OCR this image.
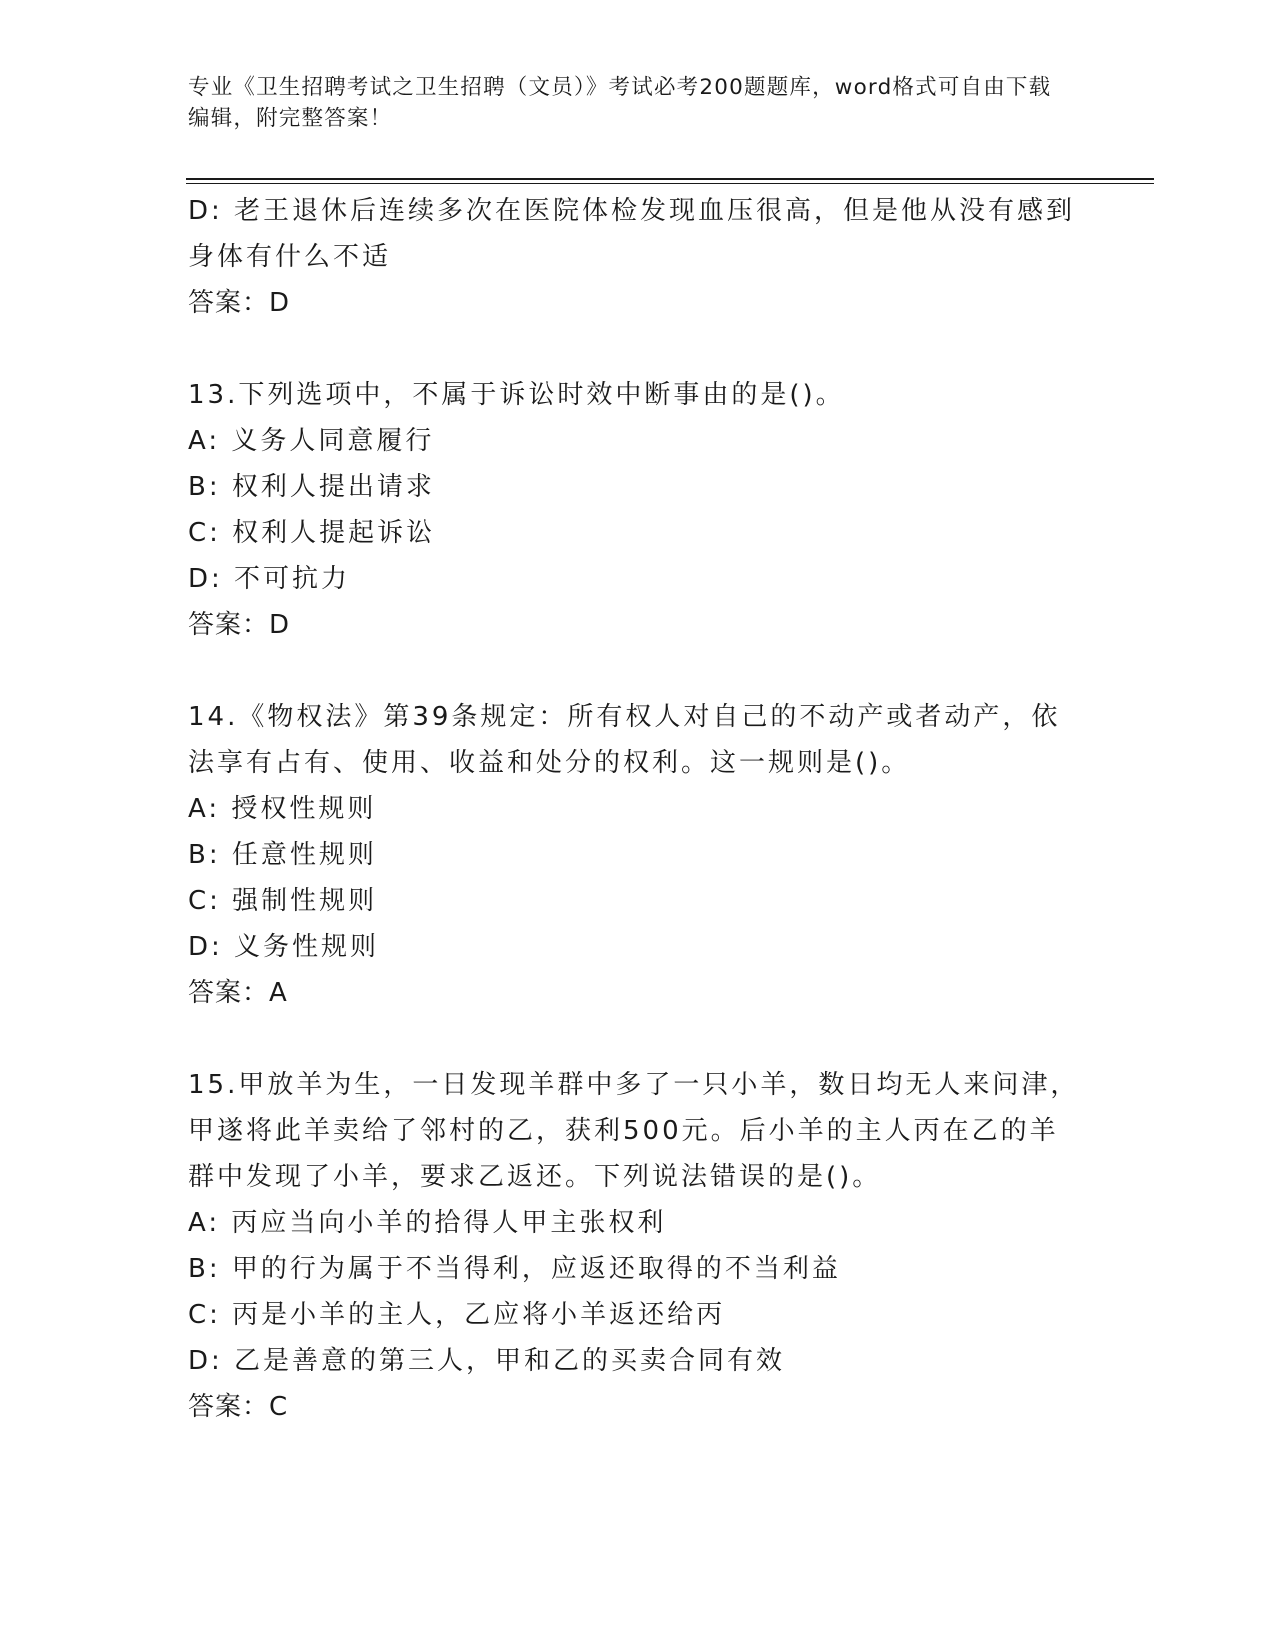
专业《卫生招聘考试之卫生招聘（文员）》考试必考200题题库，word格式可自由下载编辑，附完整答案！

D: 老王退休后连续多次在医院体检发现血压很高，但是他从没有感到

身体有什么不适

答案：D

13.下列选项中，不属于诉讼时效中断事由的是()。

A: 义务人同意履行

B: 权利人提出请求

C: 权利人提起诉讼

D: 不可抗力

答案：D

14.《物权法》第39条规定：所有权人对自己的不动产或者动产，依

法享有占有、使用、收益和处分的权利。这一规则是()。

A: 授权性规则

B: 任意性规则

C: 强制性规则

D: 义务性规则

答案：A

15.甲放羊为生，一日发现羊群中多了一只小羊，数日均无人来问津，

甲遂将此羊卖给了邻村的乙，获利500元。后小羊的主人丙在乙的羊

群中发现了小羊，要求乙返还。下列说法错误的是()。

A: 丙应当向小羊的拾得人甲主张权利

B: 甲的行为属于不当得利，应返还取得的不当利益

C: 丙是小羊的主人，乙应将小羊返还给丙

D: 乙是善意的第三人，甲和乙的买卖合同有效

答案：C
